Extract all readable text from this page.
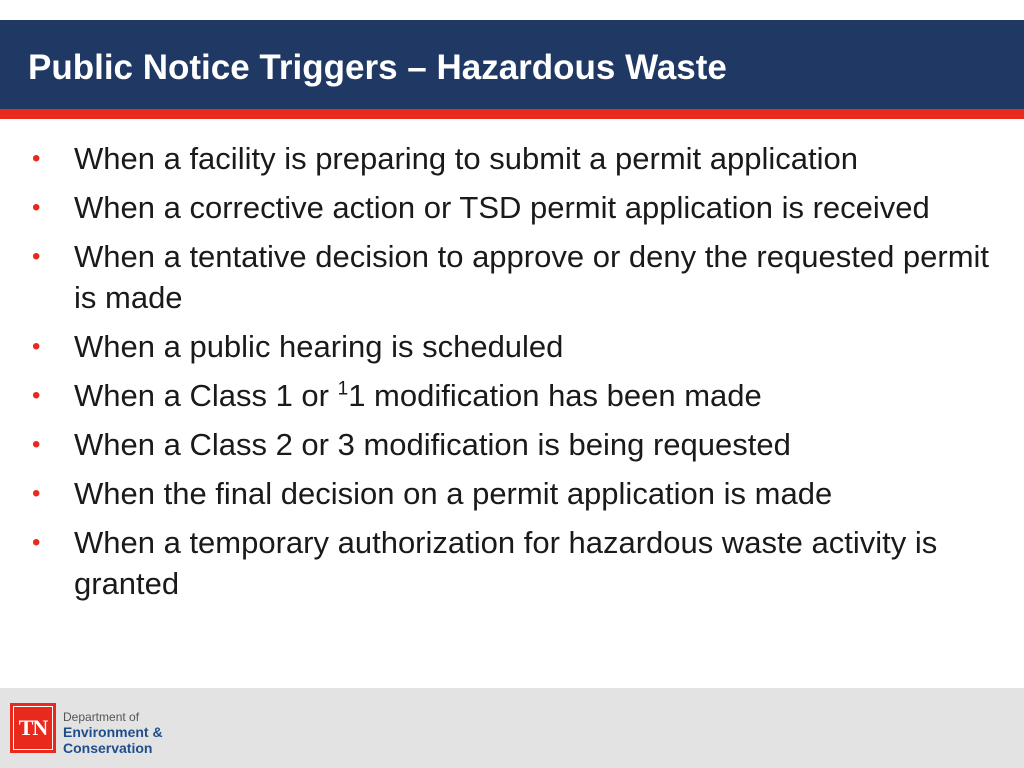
Public Notice Triggers – Hazardous Waste
• When a facility is preparing to submit a permit application
• When a corrective action or TSD permit application is received
• When a tentative decision to approve or deny the requested permit is made
• When a public hearing is scheduled
• When a Class 1 or $^1$1 modification has been made
• When a Class 2 or 3 modification is being requested
• When the final decision on a permit application is made
• When a temporary authorization for hazardous waste activity is granted
TN	Department of
Environment &
Conservation
